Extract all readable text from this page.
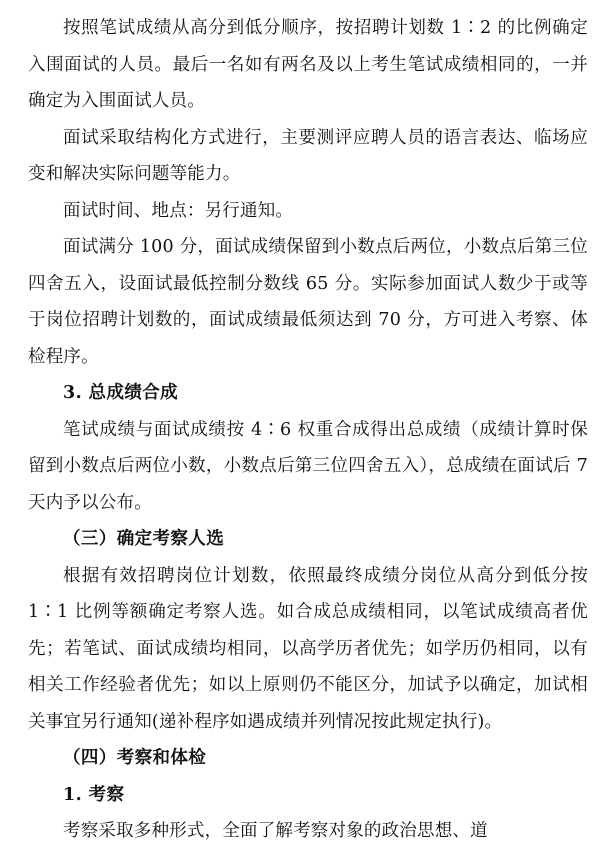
按照笔试成绩从高分到低分顺序，按招聘计划数 1∶2 的比例确定入围面试的人员。最后一名如有两名及以上考生笔试成绩相同的，一并确定为入围面试人员。

面试采取结构化方式进行，主要测评应聘人员的语言表达、临场应变和解决实际问题等能力。

面试时间、地点：另行通知。

面试满分 100 分，面试成绩保留到小数点后两位，小数点后第三位四舍五入，设面试最低控制分数线 65 分。实际参加面试人数少于或等于岗位招聘计划数的，面试成绩最低须达到 70 分，方可进入考察、体检程序。

3. 总成绩合成

笔试成绩与面试成绩按 4∶6 权重合成得出总成绩（成绩计算时保留到小数点后两位小数，小数点后第三位四舍五入），总成绩在面试后 7 天内予以公布。

（三）确定考察人选

根据有效招聘岗位计划数，依照最终成绩分岗位从高分到低分按 1∶1 比例等额确定考察人选。如合成总成绩相同，以笔试成绩高者优先；若笔试、面试成绩均相同，以高学历者优先；如学历仍相同，以有相关工作经验者优先；如以上原则仍不能区分，加试予以确定，加试相关事宜另行通知(递补程序如遇成绩并列情况按此规定执行)。

（四）考察和体检

1. 考察

考察采取多种形式，全面了解考察对象的政治思想、道
